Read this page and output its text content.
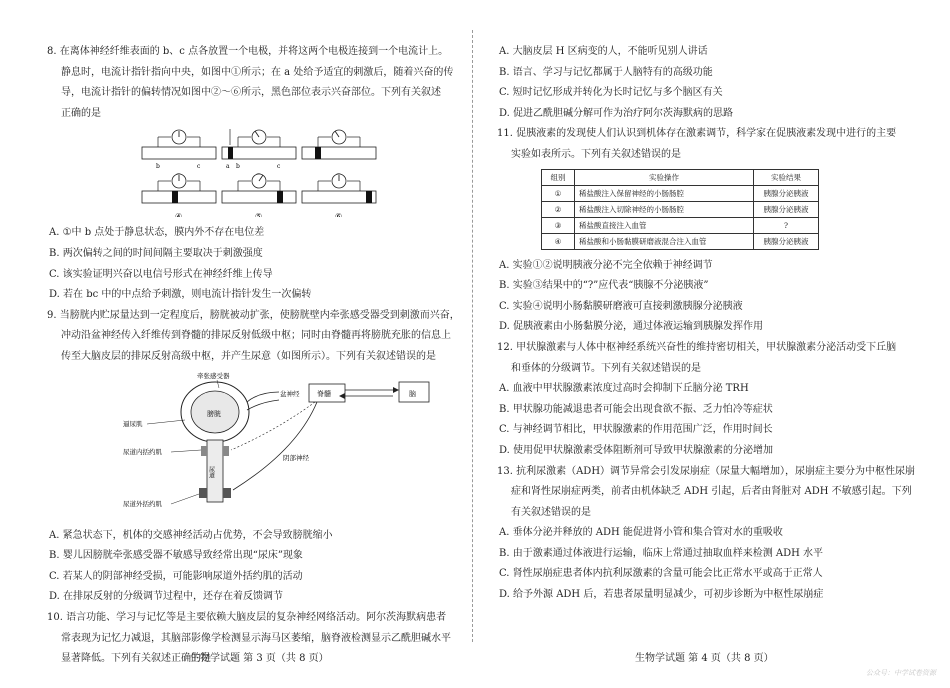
8. 在离体神经纤维表面的 b、c 点各放置一个电极，并将这两个电极连接到一个电流计上。

静息时，电流计指针指向中央，如图中①所示；在 a 处给予适宜的刺激后，随着兴奋的传

导，电流计指针的偏转情况如图中②～⑥所示，黑色部位表示兴奋部位。下列有关叙述

正确的是

b	c	a b	c
④	⑤	⑥

A. ①中 b 点处于静息状态，膜内外不存在电位差

B. 两次偏转之间的时间间隔主要取决于刺激强度

C. 该实验证明兴奋以电信号形式在神经纤维上传导

D. 若在 bc 中的中点给予刺激，则电流计指针发生一次偏转

9. 当膀胱内贮尿量达到一定程度后，膀胱被动扩张，使膀胱壁内牵张感受器受到刺激而兴奋，

冲动沿盆神经传入纤维传到脊髓的排尿反射低级中枢；同时由脊髓再将膀胱充胀的信息上

传至大脑皮层的排尿反射高级中枢，并产生尿意（如图所示）。下列有关叙述错误的是

膀胱
尿道
牵张感受器
逼尿肌
尿道内括约肌
尿道外括约肌
盆神经	脊髓	脑
阴部神经

A. 紧急状态下，机体的交感神经活动占优势，不会导致膀胱缩小

B. 婴儿因膀胱牵张感受器不敏感导致经常出现“尿床”现象

C. 若某人的阴部神经受损，可能影响尿道外括约肌的活动

D. 在排尿反射的分级调节过程中，还存在着反馈调节

10. 语言功能、学习与记忆等是主要依赖大脑皮层的复杂神经网络活动。阿尔茨海默病患者

常表现为记忆力减退，其脑部影像学检测显示海马区萎缩，脑脊液检测显示乙酰胆碱水平

显著降低。下列有关叙述正确的是

A. 大脑皮层 H 区病变的人，不能听见别人讲话

B. 语言、学习与记忆都属于人脑特有的高级功能

C. 短时记忆形成并转化为长时记忆与多个脑区有关

D. 促进乙酰胆碱分解可作为治疗阿尔茨海默病的思路

11. 促胰液素的发现使人们认识到机体存在激素调节，科学家在促胰液素发现中进行的主要

实验如表所示。下列有关叙述错误的是

组别	实验操作	实验结果
①	稀盐酸注入保留神经的小肠肠腔	胰腺分泌胰液
②	稀盐酸注入切除神经的小肠肠腔	胰腺分泌胰液
③	稀盐酸直接注入血管	?
④	稀盐酸和小肠黏膜研磨液混合注入血管	胰腺分泌胰液

A. 实验①②说明胰液分泌不完全依赖于神经调节

B. 实验③结果中的“?”应代表“胰腺不分泌胰液”

C. 实验④说明小肠黏膜研磨液可直接刺激胰腺分泌胰液

D. 促胰液素由小肠黏膜分泌，通过体液运输到胰腺发挥作用

12. 甲状腺激素与人体中枢神经系统兴奋性的维持密切相关，甲状腺激素分泌活动受下丘脑

和垂体的分级调节。下列有关叙述错误的是

A. 血液中甲状腺激素浓度过高时会抑制下丘脑分泌 TRH

B. 甲状腺功能减退患者可能会出现食欲不振、乏力怕冷等症状

C. 与神经调节相比，甲状腺激素的作用范围广泛，作用时间长

D. 使用促甲状腺激素受体阻断剂可导致甲状腺激素的分泌增加

13. 抗利尿激素（ADH）调节异常会引发尿崩症（尿量大幅增加），尿崩症主要分为中枢性尿崩

症和肾性尿崩症两类，前者由机体缺乏 ADH 引起，后者由肾脏对 ADH 不敏感引起。下列

有关叙述错误的是

A. 垂体分泌并释放的 ADH 能促进肾小管和集合管对水的重吸收

B. 由于激素通过体液进行运输，临床上常通过抽取血样来检测 ADH 水平

C. 肾性尿崩症患者体内抗利尿激素的含量可能会比正常水平或高于正常人

D. 给予外源 ADH 后，若患者尿量明显减少，可初步诊断为中枢性尿崩症

生物学试题 第 3 页（共 8 页）	生物学试题 第 4 页（共 8 页）
公众号：中学试卷资源
